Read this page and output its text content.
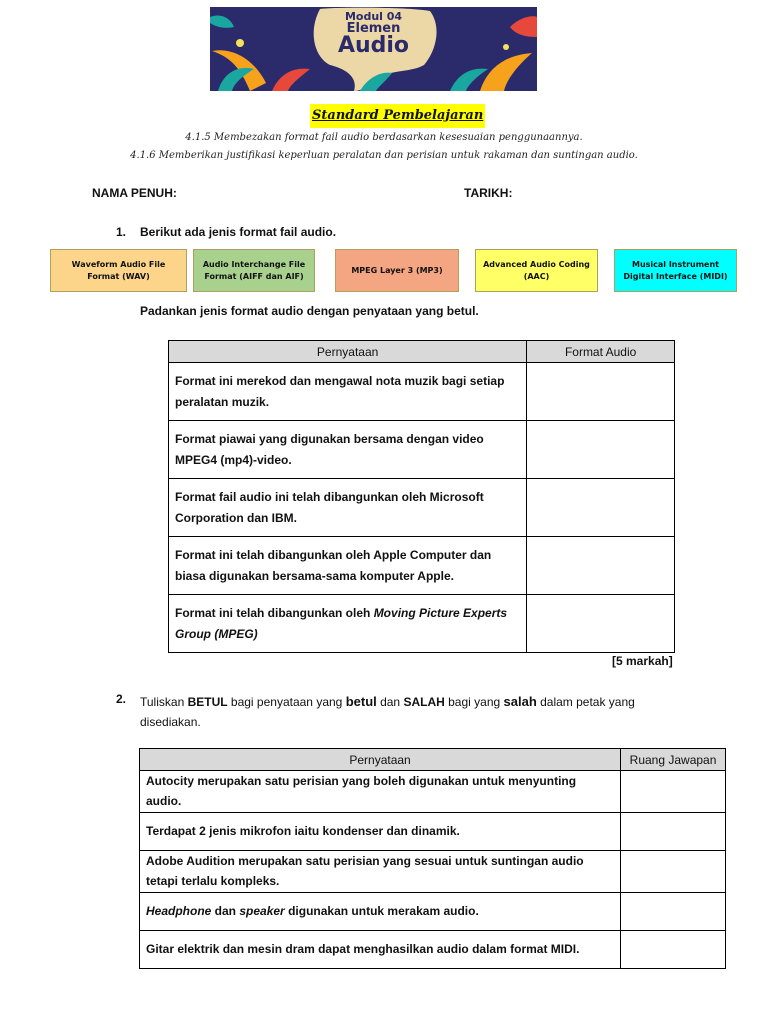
Modul 04
Elemen
Audio
Standard Pembelajaran
4.1.5 Membezakan format fail audio berdasarkan kesesuaian penggunaannya.
4.1.6 Memberikan justifikasi keperluan peralatan dan perisian untuk rakaman dan suntingan audio.
NAMA PENUH:	TARIKH:
1. Berikut ada jenis format fail audio.
Waveform Audio File
Format (WAV)
Audio Interchange File
Format (AIFF dan AIF)
MPEG Layer 3 (MP3)
Advanced Audio Coding
(AAC)
Musical Instrument
Digital Interface (MIDI)
Padankan jenis format audio dengan penyataan yang betul.
Pernyataan	Format Audio
Format ini merekod dan mengawal nota muzik bagi setiap peralatan muzik.	
Format piawai yang digunakan bersama dengan video MPEG4 (mp4)-video.	
Format fail audio ini telah dibangunkan oleh Microsoft Corporation dan IBM.	
Format ini telah dibangunkan oleh Apple Computer dan biasa digunakan bersama-sama komputer Apple.	
Format ini telah dibangunkan oleh Moving Picture Experts Group (MPEG)	
[5 markah]
2. Tuliskan BETUL bagi penyataan yang betul dan SALAH bagi yang salah dalam petak yang disediakan.
Pernyataan	Ruang Jawapan
Autocity merupakan satu perisian yang boleh digunakan untuk menyunting audio.	
Terdapat 2 jenis mikrofon iaitu kondenser dan dinamik.	
Adobe Audition merupakan satu perisian yang sesuai untuk suntingan audio tetapi terlalu kompleks.	
Headphone dan speaker digunakan untuk merakam audio.	
Gitar elektrik dan mesin dram dapat menghasilkan audio dalam format MIDI.	
